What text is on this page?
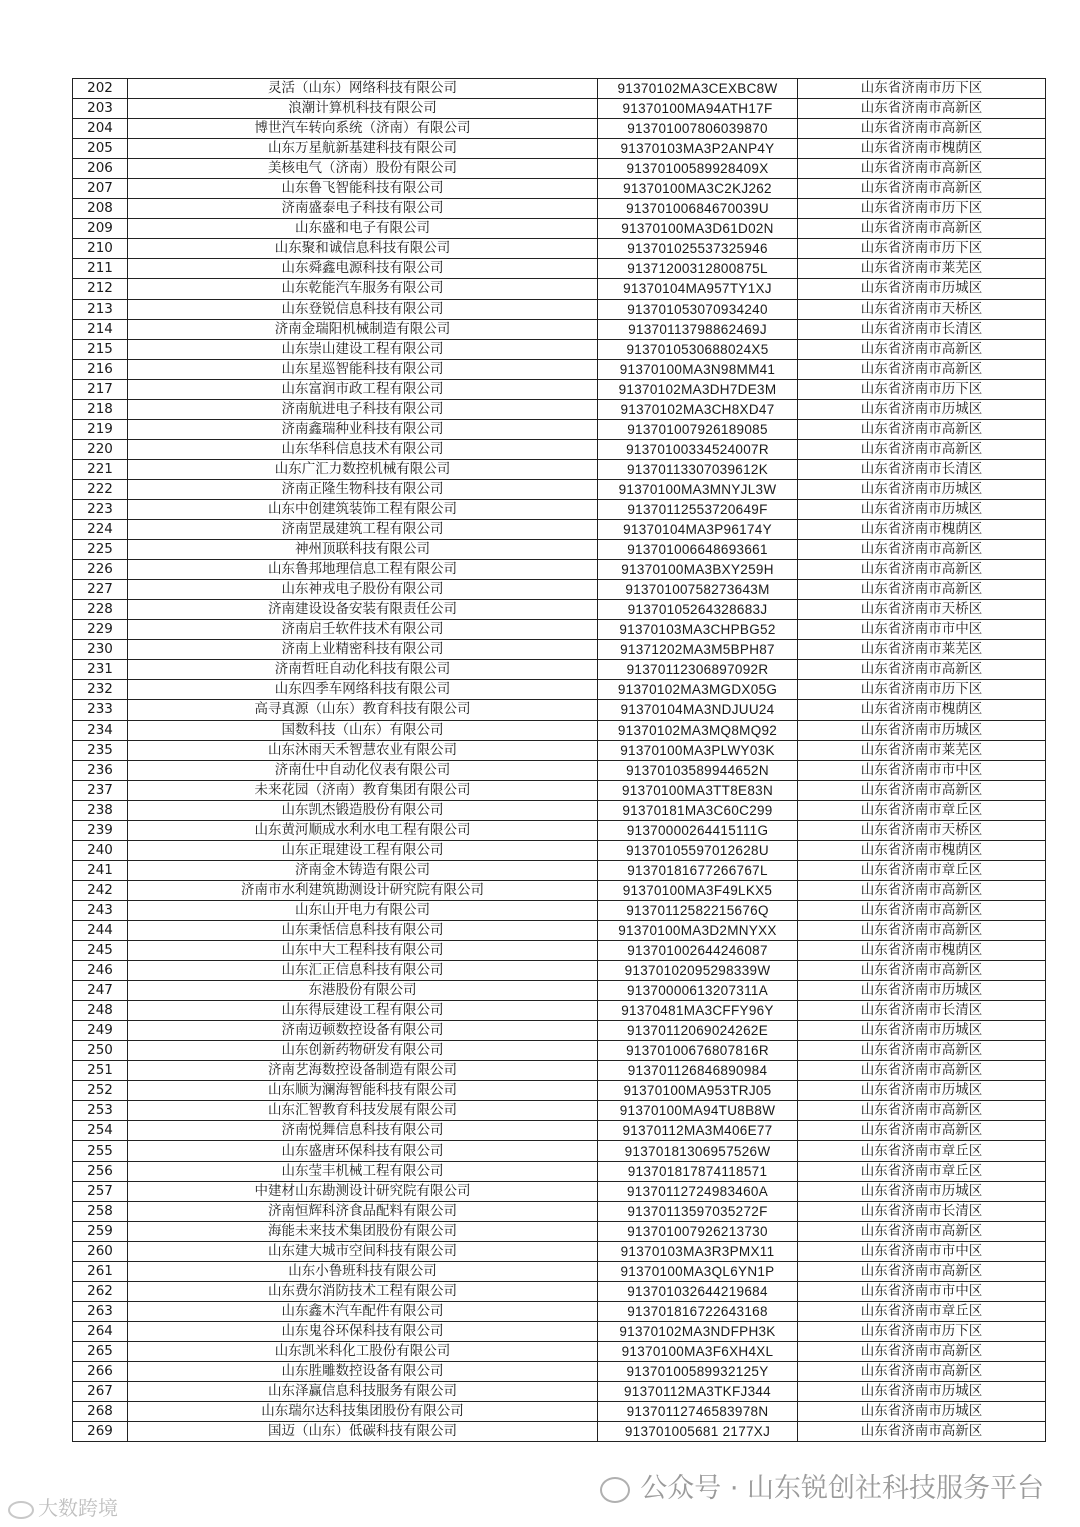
202	灵活（山东）网络科技有限公司	91370102MA3CEXBC8W	山东省济南市历下区
203	浪潮计算机科技有限公司	91370100MA94ATH17F	山东省济南市高新区
204	博世汽车转向系统（济南）有限公司	913701007806039870	山东省济南市高新区
205	山东万星航新基建科技有限公司	91370103MA3P2ANP4Y	山东省济南市槐荫区
206	美核电气（济南）股份有限公司	91370100589928409X	山东省济南市高新区
207	山东鲁飞智能科技有限公司	91370100MA3C2KJ262	山东省济南市高新区
208	济南盛泰电子科技有限公司	91370100684670039U	山东省济南市历下区
209	山东盛和电子有限公司	91370100MA3D61D02N	山东省济南市高新区
210	山东聚和诚信息科技有限公司	913701025537325946	山东省济南市历下区
211	山东舜鑫电源科技有限公司	91371200312800875L	山东省济南市莱芜区
212	山东乾能汽车服务有限公司	91370104MA957TY1XJ	山东省济南市历城区
213	山东登锐信息科技有限公司	913701053070934240	山东省济南市天桥区
214	济南金瑞阳机械制造有限公司	91370113798862469J	山东省济南市长清区
215	山东崇山建设工程有限公司	9137010530688024X5	山东省济南市高新区
216	山东星巡智能科技有限公司	91370100MA3N98MM41	山东省济南市高新区
217	山东富润市政工程有限公司	91370102MA3DH7DE3M	山东省济南市历下区
218	济南航进电子科技有限公司	91370102MA3CH8XD47	山东省济南市历城区
219	济南鑫瑞种业科技有限公司	913701007926189085	山东省济南市高新区
220	山东华科信息技术有限公司	91370100334524007R	山东省济南市高新区
221	山东广汇力数控机械有限公司	91370113307039612K	山东省济南市长清区
222	济南正隆生物科技有限公司	91370100MA3MNYJL3W	山东省济南市历城区
223	山东中创建筑装饰工程有限公司	91370112553720649F	山东省济南市历城区
224	济南罡晟建筑工程有限公司	91370104MA3P96174Y	山东省济南市槐荫区
225	神州顶联科技有限公司	913701006648693661	山东省济南市高新区
226	山东鲁邦地理信息工程有限公司	91370100MA3BXY259H	山东省济南市高新区
227	山东神戎电子股份有限公司	91370100758273643M	山东省济南市高新区
228	济南建设设备安装有限责任公司	91370105264328683J	山东省济南市天桥区
229	济南启壬软件技术有限公司	91370103MA3CHPBG52	山东省济南市市中区
230	济南上业精密科技有限公司	91371202MA3M5BPH87	山东省济南市莱芜区
231	济南哲旺自动化科技有限公司	91370112306897092R	山东省济南市高新区
232	山东四季车网络科技有限公司	91370102MA3MGDX05G	山东省济南市历下区
233	高寻真源（山东）教育科技有限公司	91370104MA3NDJUU24	山东省济南市槐荫区
234	国数科技（山东）有限公司	91370102MA3MQ8MQ92	山东省济南市历城区
235	山东沐雨天禾智慧农业有限公司	91370100MA3PLWY03K	山东省济南市莱芜区
236	济南仕中自动化仪表有限公司	91370103589944652N	山东省济南市市中区
237	未来花园（济南）教育集团有限公司	91370100MA3TT8E83N	山东省济南市高新区
238	山东凯杰锻造股份有限公司	91370181MA3C60C299	山东省济南市章丘区
239	山东黄河顺成水利水电工程有限公司	91370000264415111G	山东省济南市天桥区
240	山东正琨建设工程有限公司	91370105597012628U	山东省济南市槐荫区
241	济南金木铸造有限公司	91370181677266767L	山东省济南市章丘区
242	济南市水利建筑勘测设计研究院有限公司	91370100MA3F49LKX5	山东省济南市高新区
243	山东山开电力有限公司	91370112582215676Q	山东省济南市高新区
244	山东秉恬信息科技有限公司	91370100MA3D2MNYXX	山东省济南市高新区
245	山东中大工程科技有限公司	913701002644246087	山东省济南市槐荫区
246	山东汇正信息科技有限公司	91370102095298339W	山东省济南市高新区
247	东港股份有限公司	91370000613207311A	山东省济南市历城区
248	山东得辰建设工程有限公司	91370481MA3CFFY96Y	山东省济南市长清区
249	济南迈顿数控设备有限公司	91370112069024262E	山东省济南市历城区
250	山东创新药物研发有限公司	91370100676807816R	山东省济南市高新区
251	济南艺海数控设备制造有限公司	913701126846890984	山东省济南市高新区
252	山东顺为澜海智能科技有限公司	91370100MA953TRJ05	山东省济南市历城区
253	山东汇智教育科技发展有限公司	91370100MA94TU8B8W	山东省济南市高新区
254	济南悦舞信息科技有限公司	91370112MA3M406E77	山东省济南市高新区
255	山东盛唐环保科技有限公司	91370181306957526W	山东省济南市章丘区
256	山东莹丰机械工程有限公司	913701817874118571	山东省济南市章丘区
257	中建材山东勘测设计研究院有限公司	91370112724983460A	山东省济南市历城区
258	济南恒辉科济食品配料有限公司	91370113597035272F	山东省济南市长清区
259	海能未来技术集团股份有限公司	913701007926213730	山东省济南市高新区
260	山东建大城市空间科技有限公司	91370103MA3R3PMX11	山东省济南市市中区
261	山东小鲁班科技有限公司	91370100MA3QL6YN1P	山东省济南市高新区
262	山东费尔消防技术工程有限公司	913701032644219684	山东省济南市市中区
263	山东鑫木汽车配件有限公司	913701816722643168	山东省济南市章丘区
264	山东鬼谷环保科技有限公司	91370102MA3NDFPH3K	山东省济南市历下区
265	山东凯米科化工股份有限公司	91370100MA3F6XH4XL	山东省济南市高新区
266	山东胜雕数控设备有限公司	91370100589932125Y	山东省济南市高新区
267	山东泽赢信息科技服务有限公司	91370112MA3TKFJ344	山东省济南市历城区
268	山东瑞尔达科技集团股份有限公司	91370112746583978N	山东省济南市历城区
269	国迈（山东）低碳科技有限公司	913701005681 2177XJ	山东省济南市高新区
大数跨境
公众号 · 山东锐创社科技服务平台
